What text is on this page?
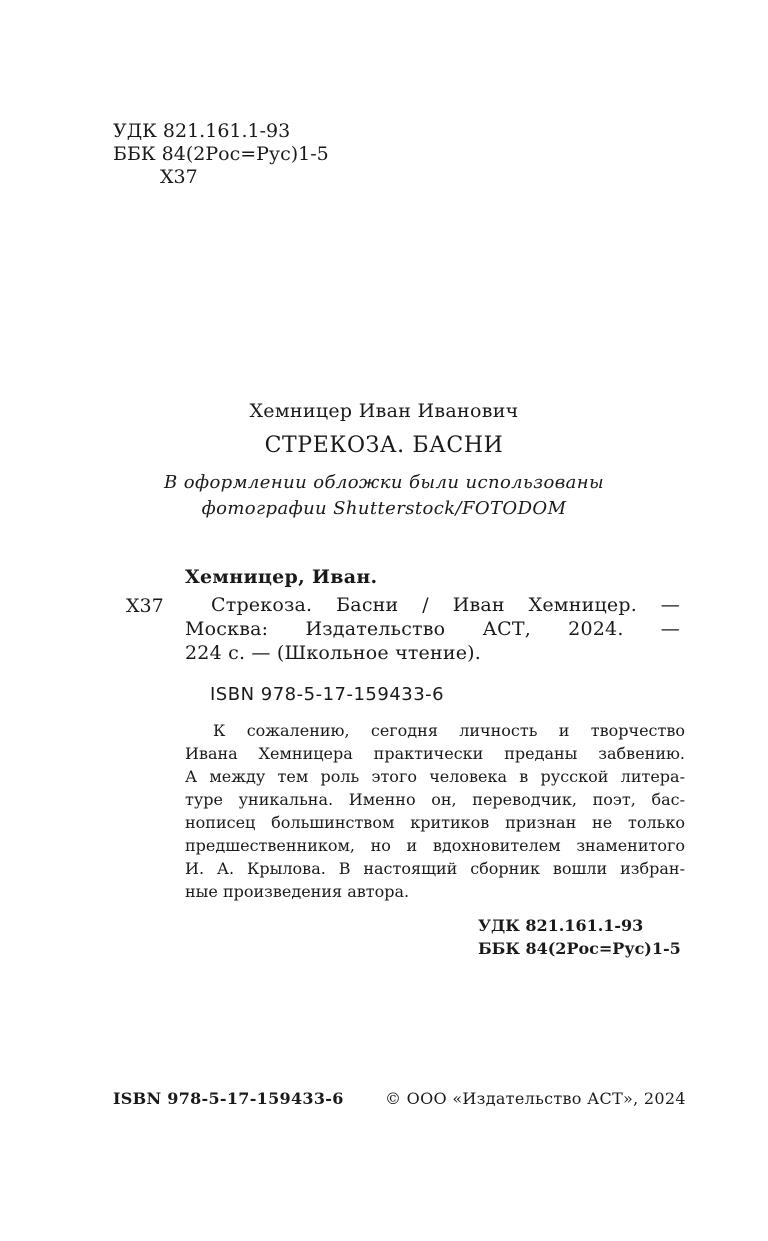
УДК 821.161.1-93
ББК 84(2Рос=Рус)1-5
Х37
Хемницер Иван Иванович
СТРЕКОЗА. БАСНИ
В оформлении обложки были использованы
фотографии Shutterstock/FOTODOM
Хемницер, Иван.
Х37	Стрекоза. Басни / Иван Хемницер. —
Москва: Издательство АСТ, 2024. —
224 с. — (Школьное чтение).
ISBN 978-5-17-159433-6
К сожалению, сегодня личность и творчество
Ивана Хемницера практически преданы забвению.
А между тем роль этого человека в русской литера-
туре уникальна. Именно он, переводчик, поэт, бас-
нописец большинством критиков признан не только
предшественником, но и вдохновителем знаменитого
И. А. Крылова. В настоящий сборник вошли избран-
ные произведения автора.
УДК 821.161.1-93
ББК 84(2Рос=Рус)1-5
ISBN 978-5-17-159433-6	© ООО «Издательство АСТ», 2024
